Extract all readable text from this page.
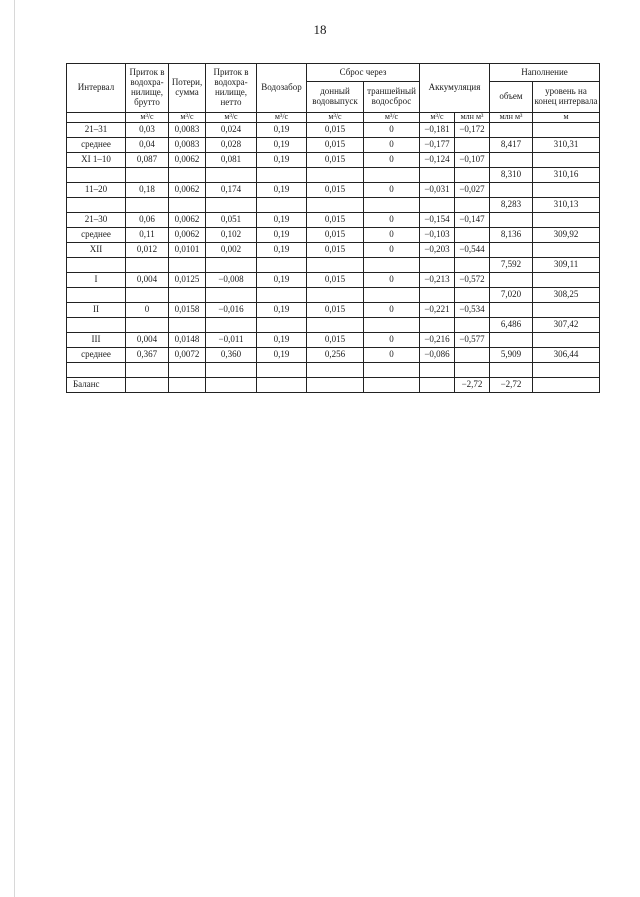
18
Интервал	Приток в водохра-нилище, брутто	Потери, сумма	Приток в водохра-нилище, нетто	Водозабор	Сброс через		Аккумуляция		Наполнение	
					донный водовыпуск	траншейный водосброс			объем	уровень на конец интервала
	м³/с	м³/с	м³/с	м³/с	м³/с	м³/с	м³/с	млн м³	млн м³	м
21–31	0,03	0,0083	0,024	0,19	0,015	0	−0,181	−0,172		
среднее	0,04	0,0083	0,028	0,19	0,015	0	−0,177		8,417	310,31
XI 1–10	0,087	0,0062	0,081	0,19	0,015	0	−0,124	−0,107		
									8,310	310,16
11–20	0,18	0,0062	0,174	0,19	0,015	0	−0,031	−0,027		
									8,283	310,13
21–30	0,06	0,0062	0,051	0,19	0,015	0	−0,154	−0,147		
среднее	0,11	0,0062	0,102	0,19	0,015	0	−0,103		8,136	309,92
XII	0,012	0,0101	0,002	0,19	0,015	0	−0,203	−0,544		
									7,592	309,11
I	0,004	0,0125	−0,008	0,19	0,015	0	−0,213	−0,572		
									7,020	308,25
II	0	0,0158	−0,016	0,19	0,015	0	−0,221	−0,534		
									6,486	307,42
III	0,004	0,0148	−0,011	0,19	0,015	0	−0,216	−0,577		
среднее	0,367	0,0072	0,360	0,19	0,256	0	−0,086		5,909	306,44

Баланс								−2,72	−2,72	
